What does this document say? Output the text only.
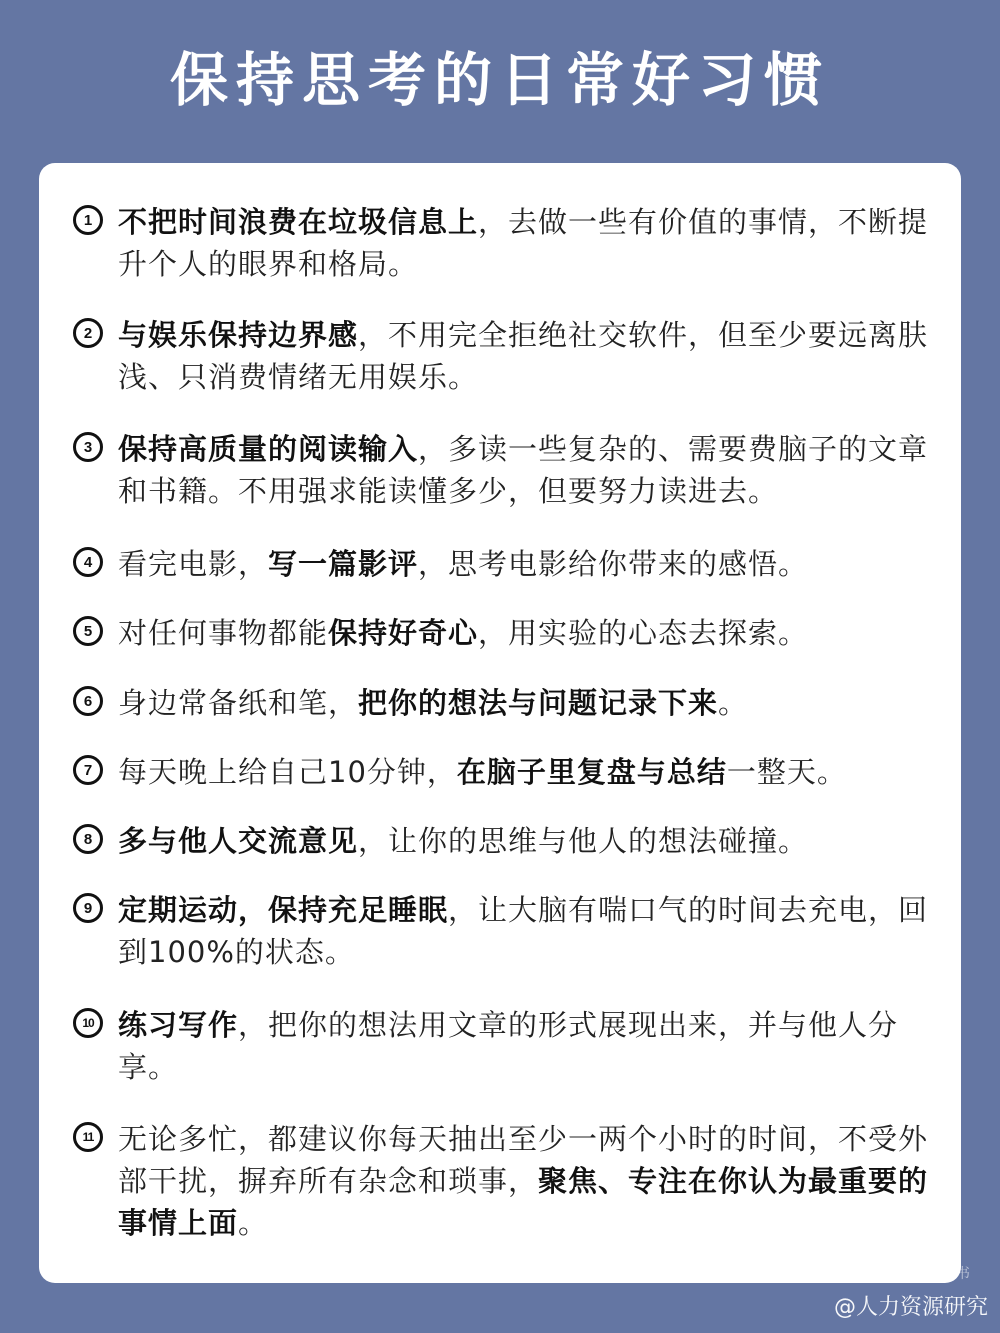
保持思考的日常好习惯
1 不把时间浪费在垃圾信息上，去做一些有价值的事情，不断提升个人的眼界和格局。
2 与娱乐保持边界感，不用完全拒绝社交软件，但至少要远离肤浅、只消费情绪无用娱乐。
3 保持高质量的阅读输入，多读一些复杂的、需要费脑子的文章和书籍。不用强求能读懂多少，但要努力读进去。
4 看完电影，写一篇影评，思考电影给你带来的感悟。
5 对任何事物都能保持好奇心，用实验的心态去探索。
6 身边常备纸和笔，把你的想法与问题记录下来。
7 每天晚上给自己10分钟，在脑子里复盘与总结一整天。
8 多与他人交流意见，让你的思维与他人的想法碰撞。
9 定期运动，保持充足睡眠，让大脑有喘口气的时间去充电，回到100%的状态。
10 练习写作，把你的想法用文章的形式展现出来，并与他人分享。
11 无论多忙，都建议你每天抽出至少一两个小时的时间，不受外部干扰，摒弃所有杂念和琐事，聚焦、专注在你认为最重要的事情上面。
小红书
@人力资源研究
